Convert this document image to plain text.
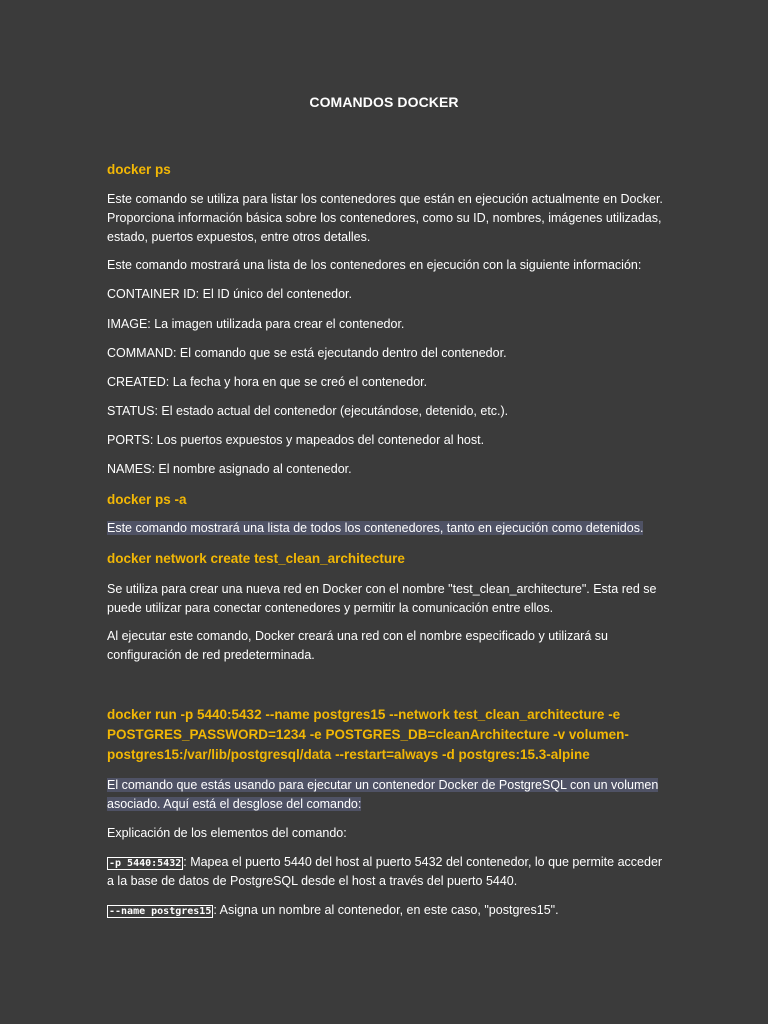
COMANDOS DOCKER
docker ps
Este comando se utiliza para listar los contenedores que están en ejecución actualmente en Docker. Proporciona información básica sobre los contenedores, como su ID, nombres, imágenes utilizadas, estado, puertos expuestos, entre otros detalles.
Este comando mostrará una lista de los contenedores en ejecución con la siguiente información:
CONTAINER ID: El ID único del contenedor.
IMAGE: La imagen utilizada para crear el contenedor.
COMMAND: El comando que se está ejecutando dentro del contenedor.
CREATED: La fecha y hora en que se creó el contenedor.
STATUS: El estado actual del contenedor (ejecutándose, detenido, etc.).
PORTS: Los puertos expuestos y mapeados del contenedor al host.
NAMES: El nombre asignado al contenedor.
docker ps -a
Este comando mostrará una lista de todos los contenedores, tanto en ejecución como detenidos.
docker network create test_clean_architecture
Se utiliza para crear una nueva red en Docker con el nombre "test_clean_architecture". Esta red se puede utilizar para conectar contenedores y permitir la comunicación entre ellos.
Al ejecutar este comando, Docker creará una red con el nombre especificado y utilizará su configuración de red predeterminada.
docker run -p 5440:5432 --name postgres15 --network test_clean_architecture -e POSTGRES_PASSWORD=1234 -e POSTGRES_DB=cleanArchitecture -v volumen-postgres15:/var/lib/postgresql/data --restart=always -d postgres:15.3-alpine
El comando que estás usando para ejecutar un contenedor Docker de PostgreSQL con un volumen asociado. Aquí está el desglose del comando:
Explicación de los elementos del comando:
-p 5440:5432 : Mapea el puerto 5440 del host al puerto 5432 del contenedor, lo que permite acceder a la base de datos de PostgreSQL desde el host a través del puerto 5440.
--name postgres15 : Asigna un nombre al contenedor, en este caso, "postgres15".
